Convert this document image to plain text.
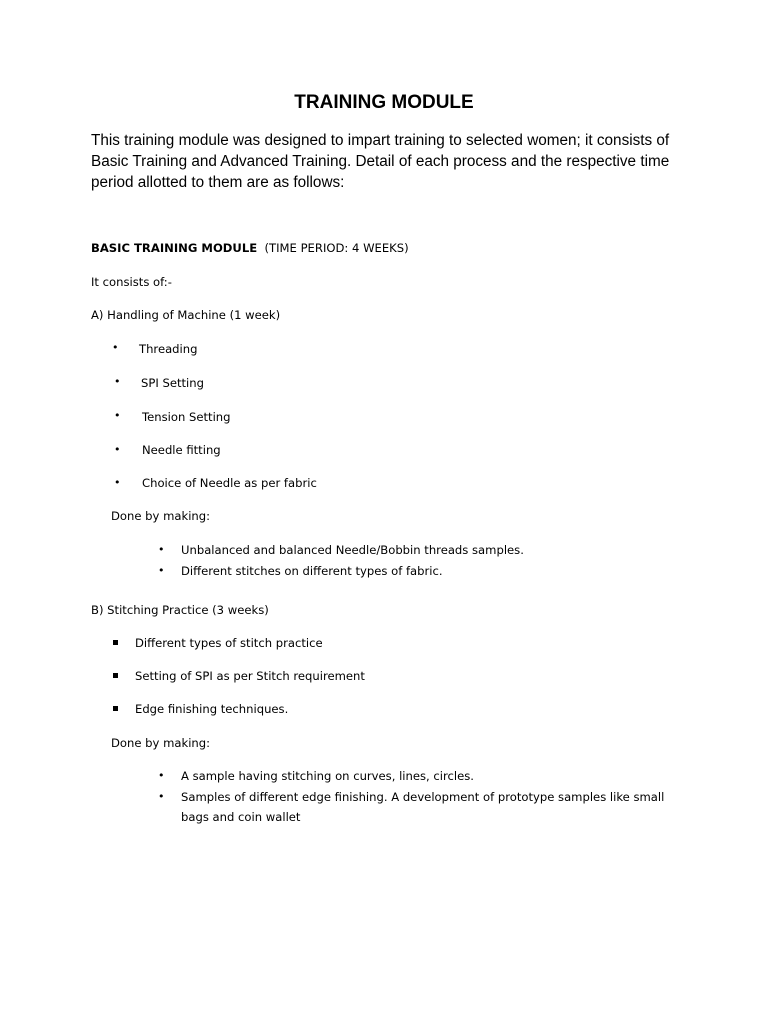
TRAINING MODULE
This training module was designed to impart training to selected women; it consists of
Basic Training and Advanced Training. Detail of each process and the respective time
period allotted to them are as follows:
BASIC TRAINING MODULE (TIME PERIOD: 4 WEEKS)
It consists of:-
A) Handling of Machine (1 week)
• Threading
• SPI Setting
• Tension Setting
• Needle fitting
• Choice of Needle as per fabric
Done by making:
• Unbalanced and balanced Needle/Bobbin threads samples.
• Different stitches on different types of fabric.
B) Stitching Practice (3 weeks)
Different types of stitch practice
Setting of SPI as per Stitch requirement
Edge finishing techniques.
Done by making:
• A sample having stitching on curves, lines, circles.
• Samples of different edge finishing. A development of prototype samples like small
bags and coin wallet
